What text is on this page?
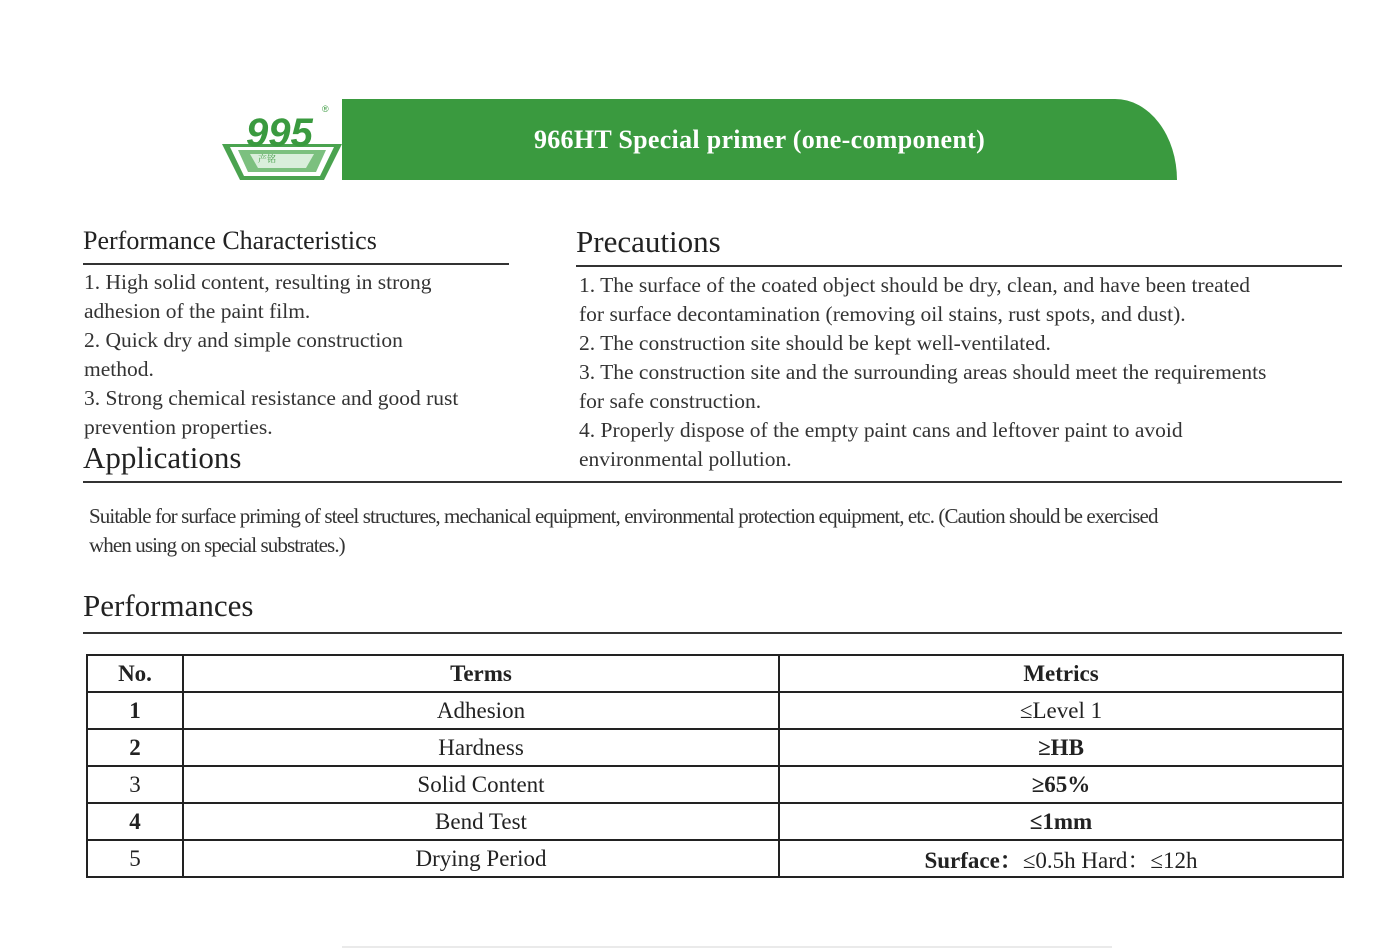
995
®
产铭
966HT Special primer (one-component)
Performance Characteristics
1. High solid content, resulting in strong
adhesion of the paint film.
2. Quick dry and simple construction
method.
3. Strong chemical resistance and good rust
prevention properties.
Precautions
1. The surface of the coated object should be dry, clean, and have been treated
for surface decontamination (removing oil stains, rust spots, and dust).
2. The construction site should be kept well-ventilated.
3. The construction site and the surrounding areas should meet the requirements
for safe construction.
4. Properly dispose of the empty paint cans and leftover paint to avoid
environmental pollution.
Applications
Suitable for surface priming of steel structures, mechanical equipment, environmental protection equipment, etc. (Caution should be exercised
when using on special substrates.)
Performances
No.	Terms	Metrics
1	Adhesion	≤Level 1
2	Hardness	≥HB
3	Solid Content	≥65%
4	Bend Test	≤1mm
5	Drying Period	Surface：≤0.5h Hard：≤12h
